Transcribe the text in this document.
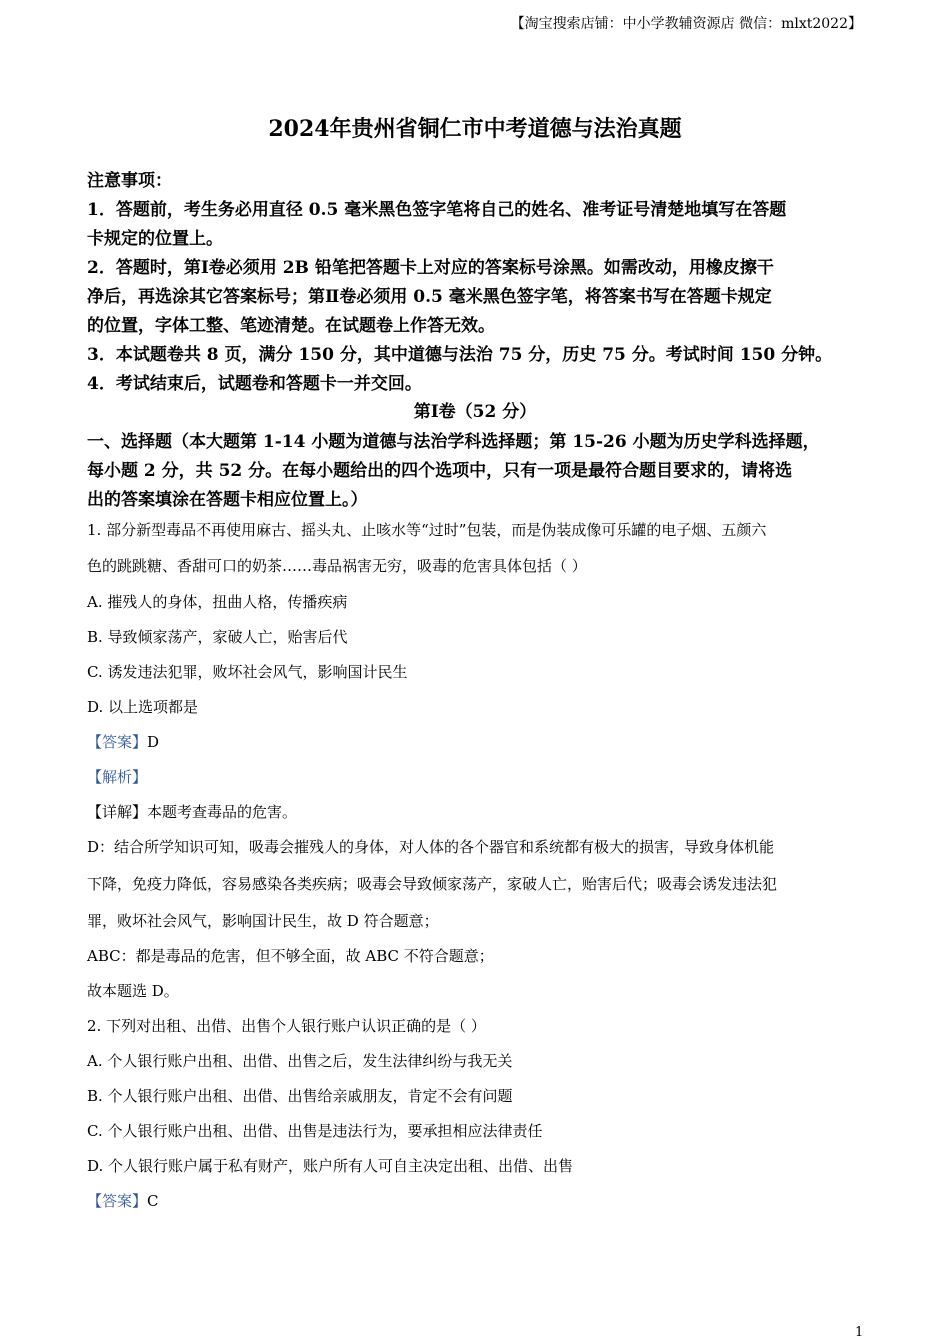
【淘宝搜索店铺：中小学教辅资源店 微信：mlxt2022】
2024年贵州省铜仁市中考道德与法治真题
注意事项：
1．答题前，考生务必用直径 0.5 毫米黑色签字笔将自己的姓名、准考证号清楚地填写在答题
卡规定的位置上。
2．答题时，第Ⅰ卷必须用 2B 铅笔把答题卡上对应的答案标号涂黑。如需改动，用橡皮擦干
净后，再选涂其它答案标号；第Ⅱ卷必须用 0.5 毫米黑色签字笔，将答案书写在答题卡规定
的位置，字体工整、笔迹清楚。在试题卷上作答无效。
3．本试题卷共 8 页，满分 150 分，其中道德与法治 75 分，历史 75 分。考试时间 150 分钟。
4．考试结束后，试题卷和答题卡一并交回。
第Ⅰ卷（52 分）
一、选择题（本大题第 1-14 小题为道德与法治学科选择题；第 15-26 小题为历史学科选择题，
每小题 2 分，共 52 分。在每小题给出的四个选项中，只有一项是最符合题目要求的，请将选
出的答案填涂在答题卡相应位置上。）
1. 部分新型毒品不再使用麻古、摇头丸、止咳水等“过时”包装，而是伪装成像可乐罐的电子烟、五颜六
色的跳跳糖、香甜可口的奶茶……毒品祸害无穷，吸毒的危害具体包括（ ）
A. 摧残人的身体，扭曲人格，传播疾病
B. 导致倾家荡产，家破人亡，贻害后代
C. 诱发违法犯罪，败坏社会风气，影响国计民生
D. 以上选项都是
【答案】D
【解析】
【详解】本题考查毒品的危害。
D：结合所学知识可知，吸毒会摧残人的身体，对人体的各个器官和系统都有极大的损害，导致身体机能
下降，免疫力降低，容易感染各类疾病；吸毒会导致倾家荡产，家破人亡，贻害后代；吸毒会诱发违法犯
罪，败坏社会风气，影响国计民生，故 D 符合题意；
ABC：都是毒品的危害，但不够全面，故 ABC 不符合题意；
故本题选 D。
2. 下列对出租、出借、出售个人银行账户认识正确的是（ ）
A. 个人银行账户出租、出借、出售之后，发生法律纠纷与我无关
B. 个人银行账户出租、出借、出售给亲戚朋友，肯定不会有问题
C. 个人银行账户出租、出借、出售是违法行为，要承担相应法律责任
D. 个人银行账户属于私有财产，账户所有人可自主决定出租、出借、出售
【答案】C
1
